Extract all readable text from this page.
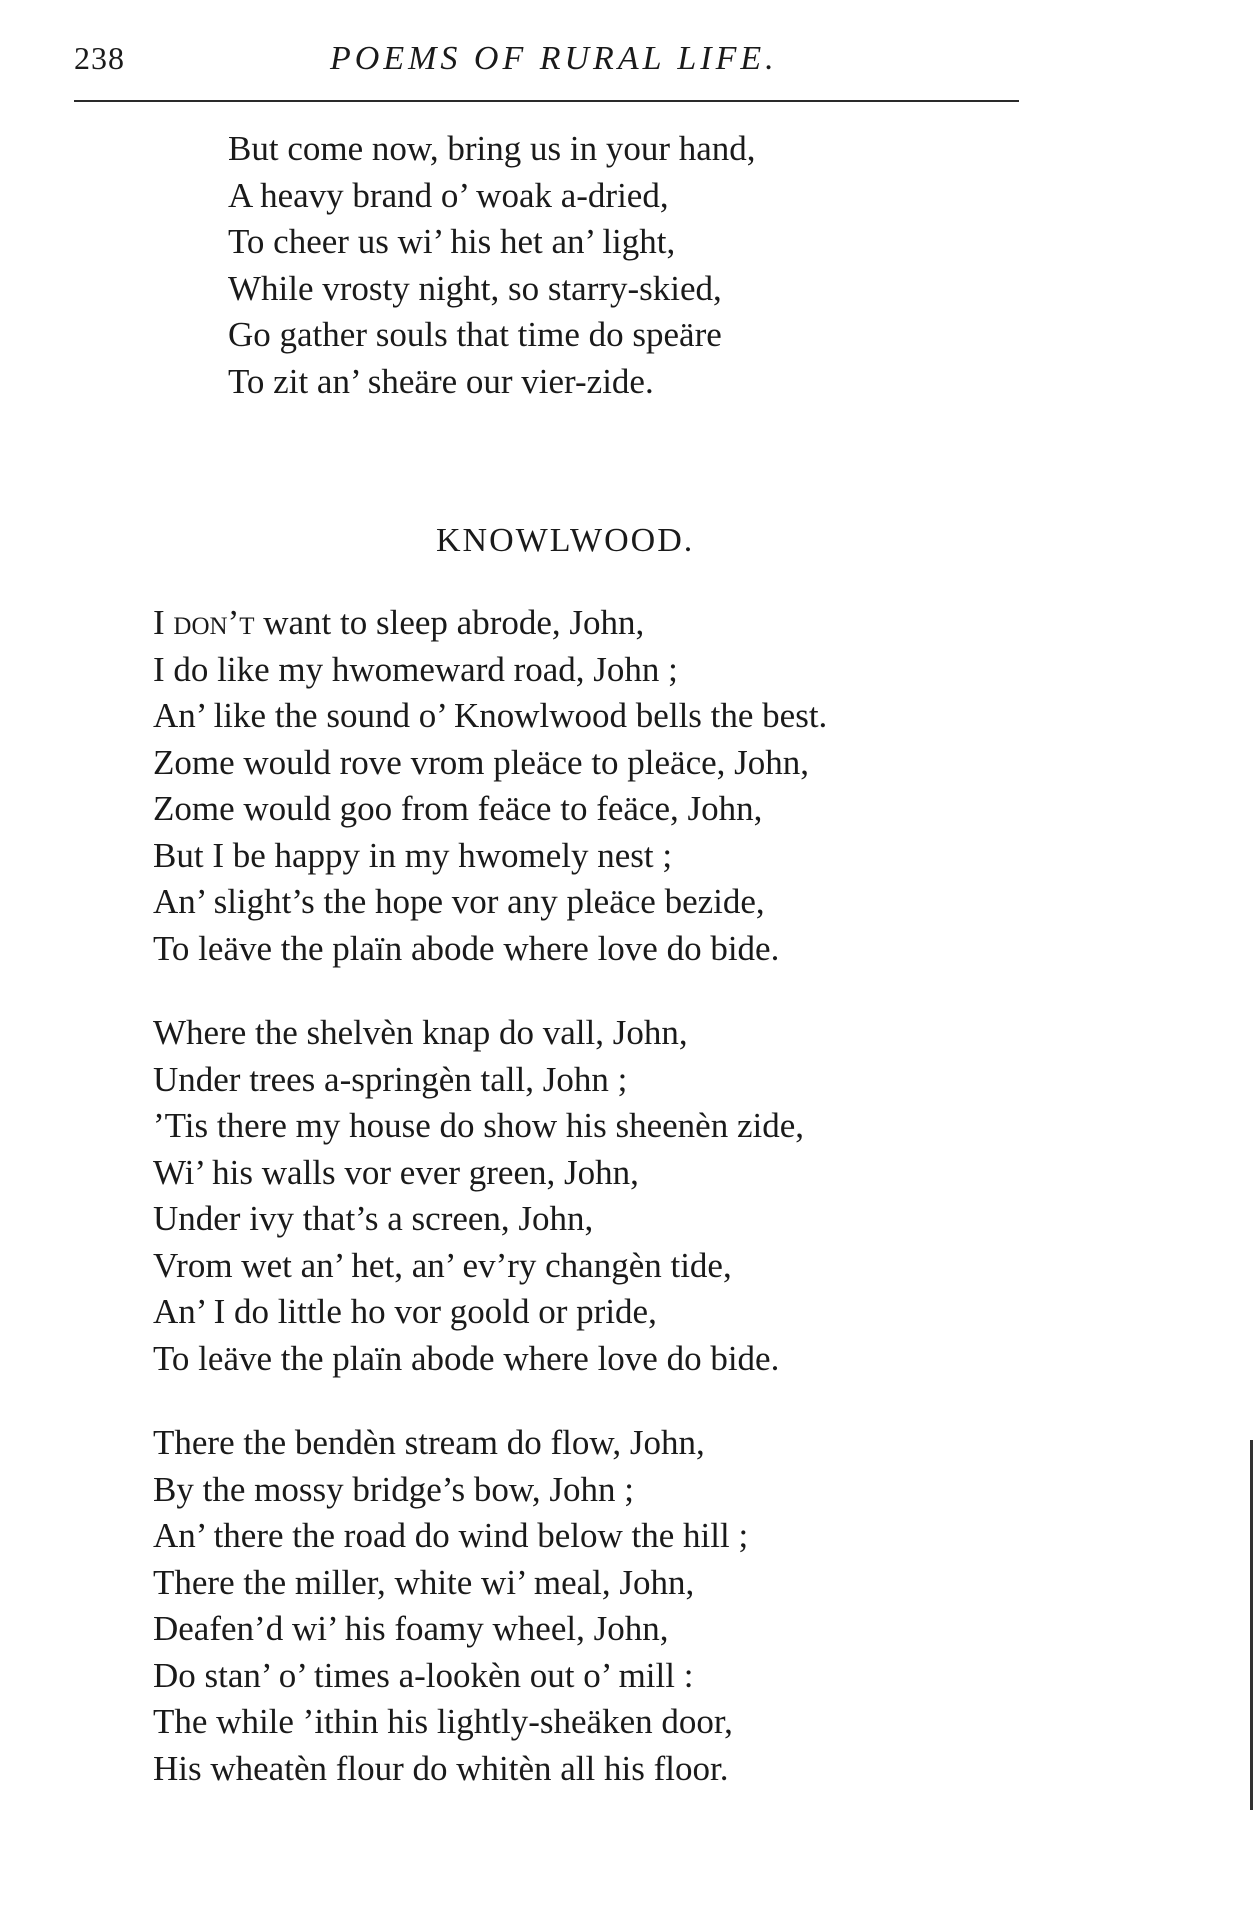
238	POEMS OF RURAL LIFE.
But come now, bring us in your hand,
A heavy brand o’ woak a-dried,
To cheer us wi’ his het an’ light,
While vrosty night, so starry-skied,
Go gather souls that time do speäre
To zit an’ sheäre our vier-zide.
KNOWLWOOD.
I don’t want to sleep abrode, John,
I do like my hwomeward road, John ;
An’ like the sound o’ Knowlwood bells the best.
Zome would rove vrom pleäce to pleäce, John,
Zome would goo from feäce to feäce, John,
But I be happy in my hwomely nest ;
An’ slight’s the hope vor any pleäce bezide,
To leäve the plaïn abode where love do bide.
Where the shelvèn knap do vall, John,
Under trees a-springèn tall, John ;
’Tis there my house do show his sheenèn zide,
Wi’ his walls vor ever green, John,
Under ivy that’s a screen, John,
Vrom wet an’ het, an’ ev’ry changèn tide,
An’ I do little ho vor goold or pride,
To leäve the plaïn abode where love do bide.
There the bendèn stream do flow, John,
By the mossy bridge’s bow, John ;
An’ there the road do wind below the hill ;
There the miller, white wi’ meal, John,
Deafen’d wi’ his foamy wheel, John,
Do stan’ o’ times a-lookèn out o’ mill :
The while ’ithin his lightly-sheäken door,
His wheatèn flour do whitèn all his floor.
